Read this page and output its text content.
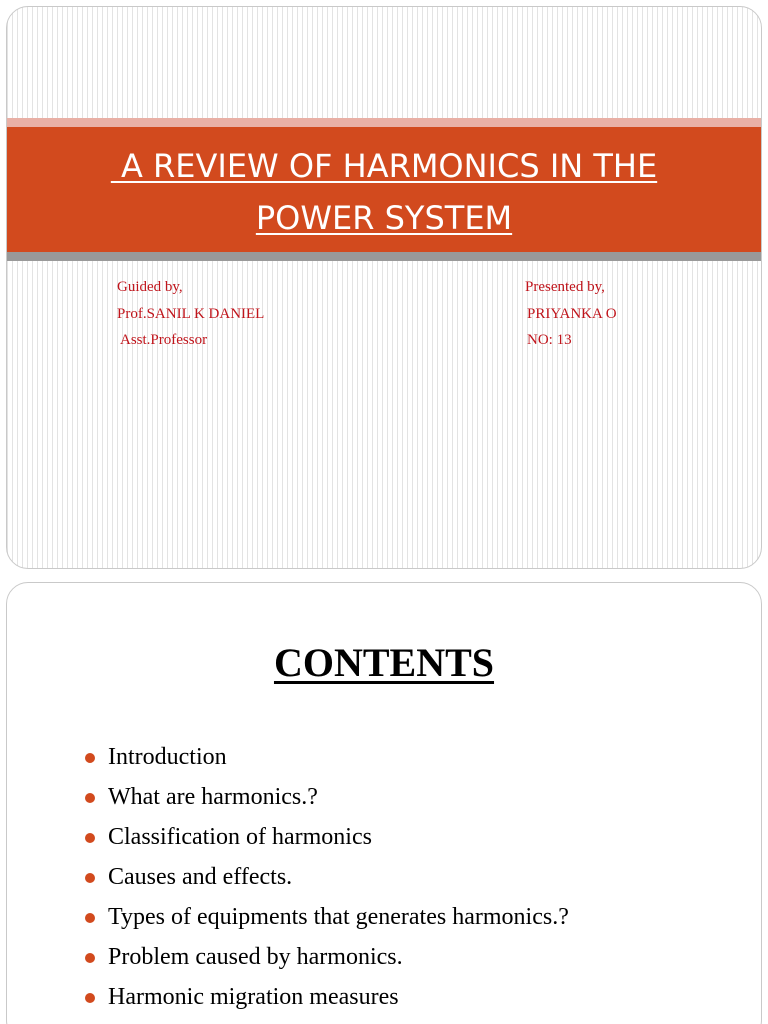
A REVIEW OF HARMONICS IN THE
POWER SYSTEM
Guided by,
Prof.SANIL K DANIEL
Asst.Professor
Presented by,
PRIYANKA O
NO: 13
CONTENTS
Introduction
What are harmonics.?
Classification of harmonics
Causes and effects.
Types of equipments that generates harmonics.?
Problem caused by harmonics.
Harmonic migration measures
